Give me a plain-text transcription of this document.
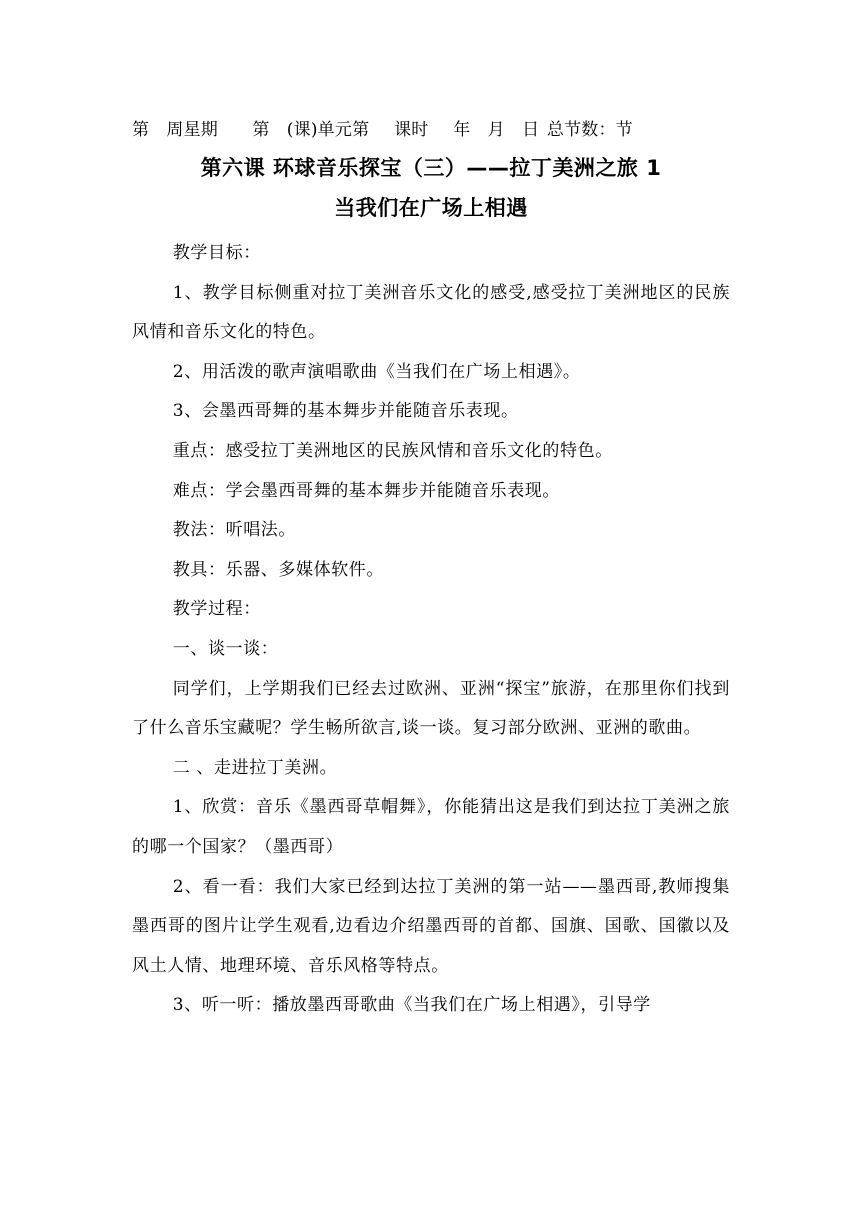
第　周星期　　第　(课)单元第　 课时　 年　月　日 总节数：节
第六课 环球音乐探宝（三）——拉丁美洲之旅 1
当我们在广场上相遇

教学目标：

1、教学目标侧重对拉丁美洲音乐文化的感受,感受拉丁美洲地区的民族风情和音乐文化的特色。

2、用活泼的歌声演唱歌曲《当我们在广场上相遇》。

3、会墨西哥舞的基本舞步并能随音乐表现。

重点：感受拉丁美洲地区的民族风情和音乐文化的特色。

难点：学会墨西哥舞的基本舞步并能随音乐表现。

教法：听唱法。

教具：乐器、多媒体软件。

教学过程：

一、谈一谈：

同学们，上学期我们已经去过欧洲、亚洲“探宝”旅游，在那里你们找到了什么音乐宝藏呢？学生畅所欲言,谈一谈。复习部分欧洲、亚洲的歌曲。

二 、走进拉丁美洲。

1、欣赏：音乐《墨西哥草帽舞》，你能猜出这是我们到达拉丁美洲之旅的哪一个国家？（墨西哥）

2、看一看：我们大家已经到达拉丁美洲的第一站——墨西哥,教师搜集墨西哥的图片让学生观看,边看边介绍墨西哥的首都、国旗、国歌、国徽以及风土人情、地理环境、音乐风格等特点。

3、听一听：播放墨西哥歌曲《当我们在广场上相遇》，引导学
